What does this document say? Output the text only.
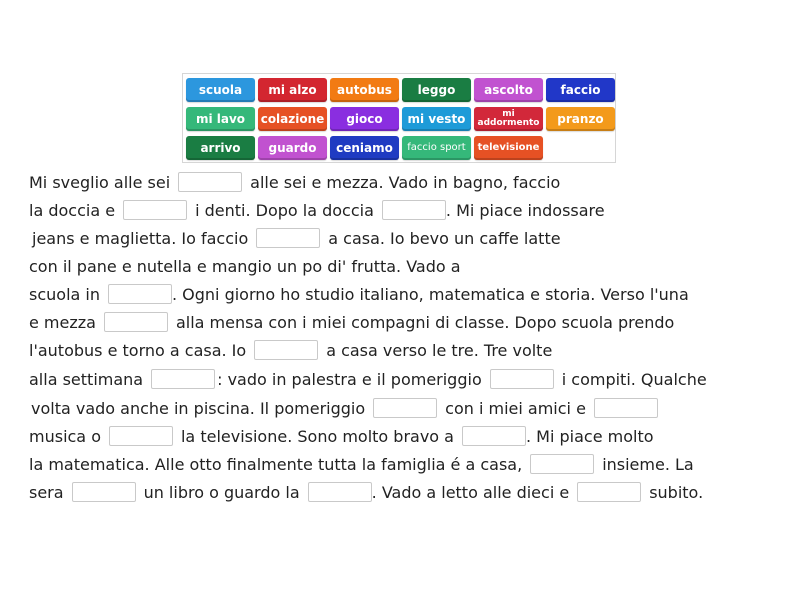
scuola	mi alzo	autobus	leggo	ascolto	faccio
mi lavo	colazione	gioco	mi vesto	mi addormento	pranzo
arrivo	guardo	ceniamo	faccio sport	televisione
Mi sveglio alle sei	alle sei e mezza. Vado in bagno, faccio
la doccia e	i denti. Dopo la doccia	. Mi piace indossare
jeans e maglietta. Io faccio	a casa. Io bevo un caffe latte
con il pane e nutella e mangio un po di' frutta. Vado a
scuola in	. Ogni giorno ho studio italiano, matematica e storia. Verso l'una
e mezza	alla mensa con i miei compagni di classe. Dopo scuola prendo
l'autobus e torno a casa. Io	a casa verso le tre. Tre volte
alla settimana	: vado in palestra e il pomeriggio	i compiti. Qualche
volta vado anche in piscina. Il pomeriggio	con i miei amici e
musica o	la televisione. Sono molto bravo a	. Mi piace molto
la matematica. Alle otto finalmente tutta la famiglia é a casa,	insieme. La
sera	un libro o guardo la	. Vado a letto alle dieci e	subito.
